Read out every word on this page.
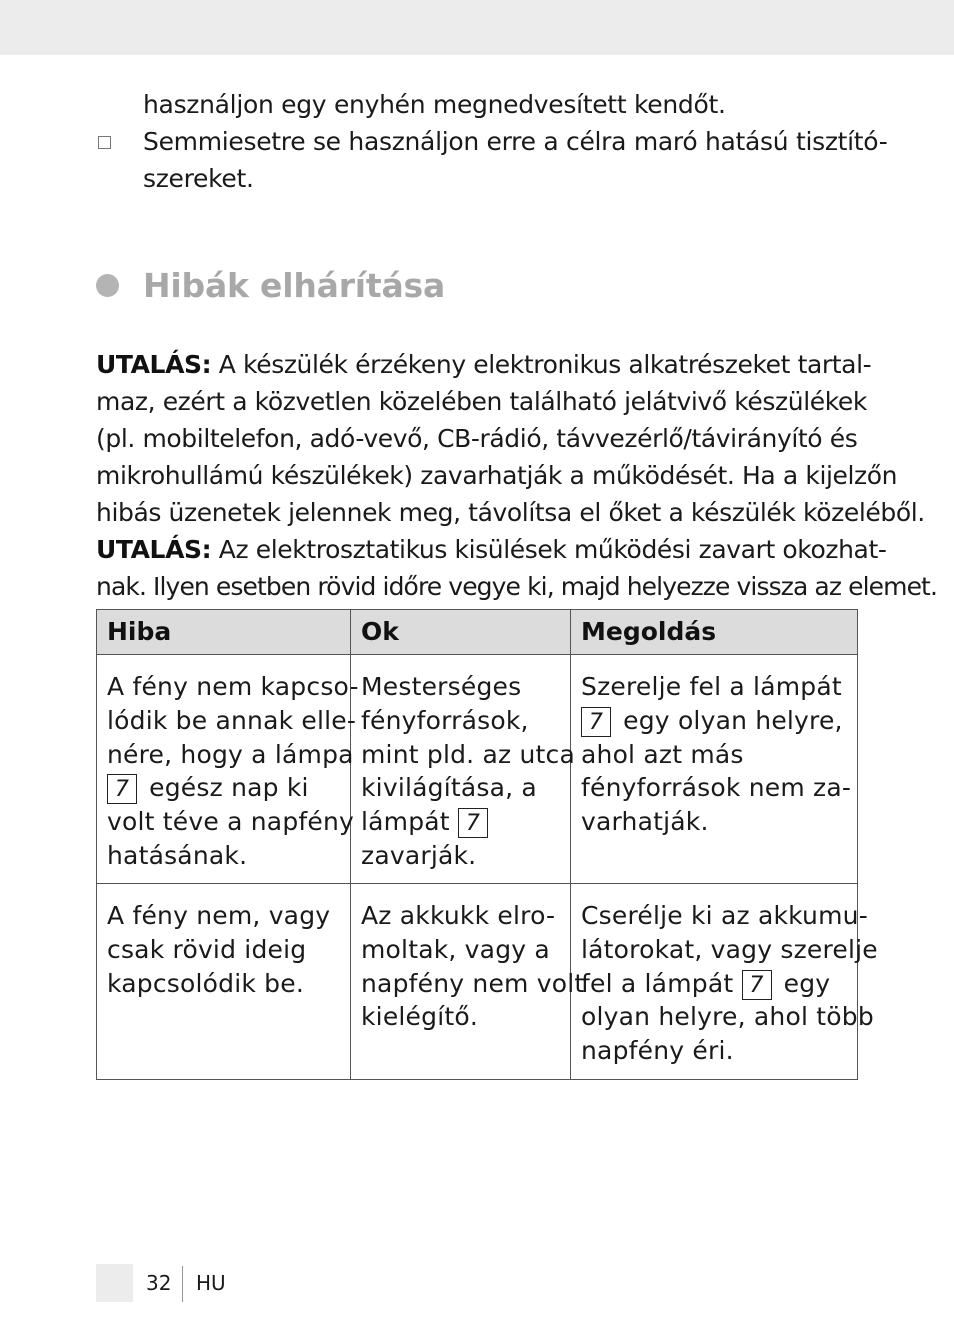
használjon egy enyhén megnedvesített kendőt.
Semmiesetre se használjon erre a célra maró hatású tisztító-
szereket.
Hibák elhárítása
UTALÁS: A készülék érzékeny elektronikus alkatrészeket tartal-
maz, ezért a közvetlen közelében található jelátvivő készülékek
(pl. mobiltelefon, adó-vevő, CB-rádió, távvezérlő/távirányító és
mikrohullámú készülékek) zavarhatják a működését. Ha a kijelzőn
hibás üzenetek jelennek meg, távolítsa el őket a készülék közeléből.
UTALÁS: Az elektrosztatikus kisülések működési zavart okozhat-
nak. Ilyen esetben rövid időre vegye ki, majd helyezze vissza az elemet.
Hiba	Ok	Megoldás
A fény nem kapcso-
lódik be annak elle-
nére, hogy a lámpa
7 egész nap ki
volt téve a napfény
hatásának.
Mesterséges
fényforrások,
mint pld. az utca
kivilágítása, a
lámpát 7
zavarják.
Szerelje fel a lámpát
7 egy olyan helyre,
ahol azt más
fényforrások nem za-
varhatják.
A fény nem, vagy
csak rövid ideig
kapcsolódik be.
Az akkukk elro-
moltak, vagy a
napfény nem volt
kielégítő.
Cserélje ki az akkumu-
látorokat, vagy szerelje
fel a lámpát 7 egy
olyan helyre, ahol több
napfény éri.
32 HU
